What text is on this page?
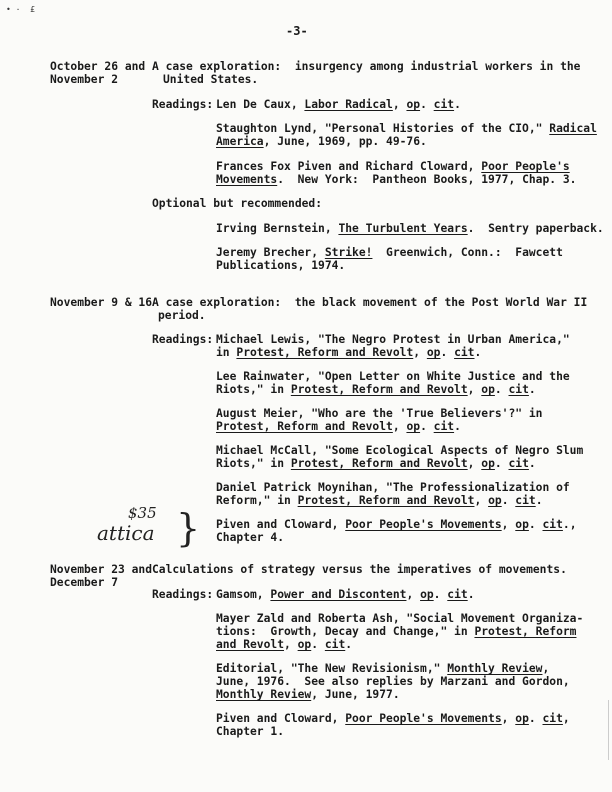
• ·  £
-3-
October 26 and
November 2
A case exploration:  insurgency among industrial workers in the
United States.
Readings: Len De Caux, Labor Radical, op. cit.
Staughton Lynd, "Personal Histories of the CIO," Radical
America, June, 1969, pp. 49-76.
Frances Fox Piven and Richard Cloward, Poor People's
Movements.  New York:  Pantheon Books, 1977, Chap. 3.
Optional but recommended:
Irving Bernstein, The Turbulent Years.  Sentry paperback.
Jeremy Brecher, Strike!  Greenwich, Conn.:  Fawcett
Publications, 1974.
November 9 & 16 A case exploration:  the black movement of the Post World War II
period.
Readings: Michael Lewis, "The Negro Protest in Urban America,"
in Protest, Reform and Revolt, op. cit.
Lee Rainwater, "Open Letter on White Justice and the
Riots," in Protest, Reform and Revolt, op. cit.
August Meier, "Who are the 'True Believers'?" in
Protest, Reform and Revolt, op. cit.
Michael McCall, "Some Ecological Aspects of Negro Slum
Riots," in Protest, Reform and Revolt, op. cit.
Daniel Patrick Moynihan, "The Professionalization of
Reform," in Protest, Reform and Revolt, op. cit.
Piven and Cloward, Poor People's Movements, op. cit.,
Chapter 4.
$35
attica }
November 23 and
December 7
Calculations of strategy versus the imperatives of movements.
Readings: Gamsom, Power and Discontent, op. cit.
Mayer Zald and Roberta Ash, "Social Movement Organiza-
tions:  Growth, Decay and Change," in Protest, Reform
and Revolt, op. cit.
Editorial, "The New Revisionism," Monthly Review,
June, 1976.  See also replies by Marzani and Gordon,
Monthly Review, June, 1977.
Piven and Cloward, Poor People's Movements, op. cit,
Chapter 1.
